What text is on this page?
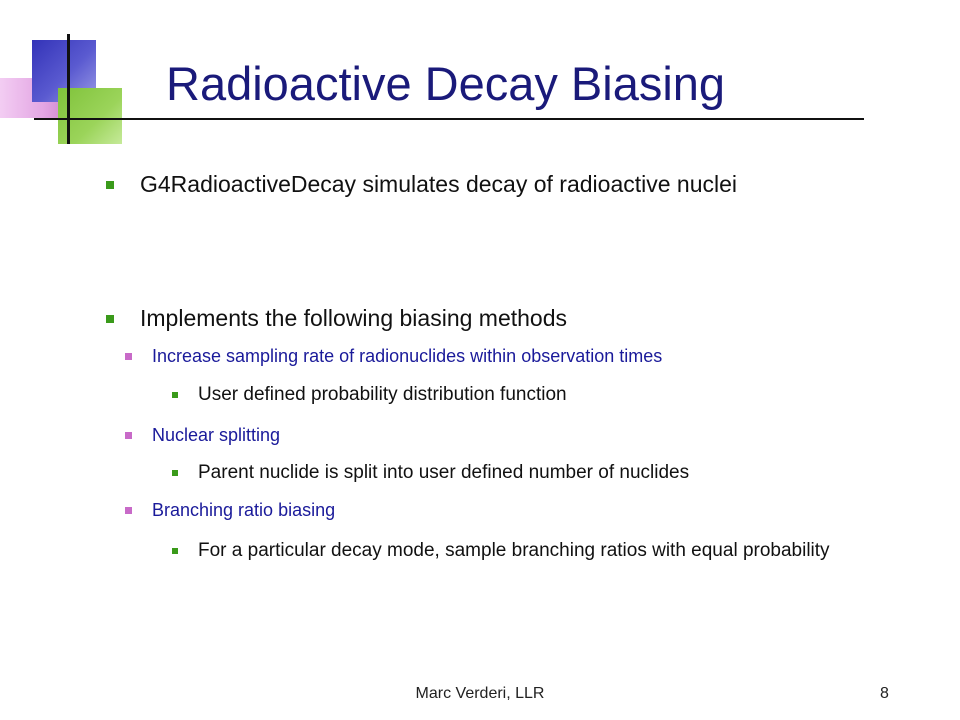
Radioactive Decay Biasing
G4RadioactiveDecay simulates decay of radioactive nuclei
Implements the following biasing methods
Increase sampling rate of radionuclides within observation times
User defined probability distribution function
Nuclear splitting
Parent nuclide is split into user defined number of nuclides
Branching ratio biasing
For a particular decay mode, sample branching ratios with equal probability
Marc Verderi, LLR	8
